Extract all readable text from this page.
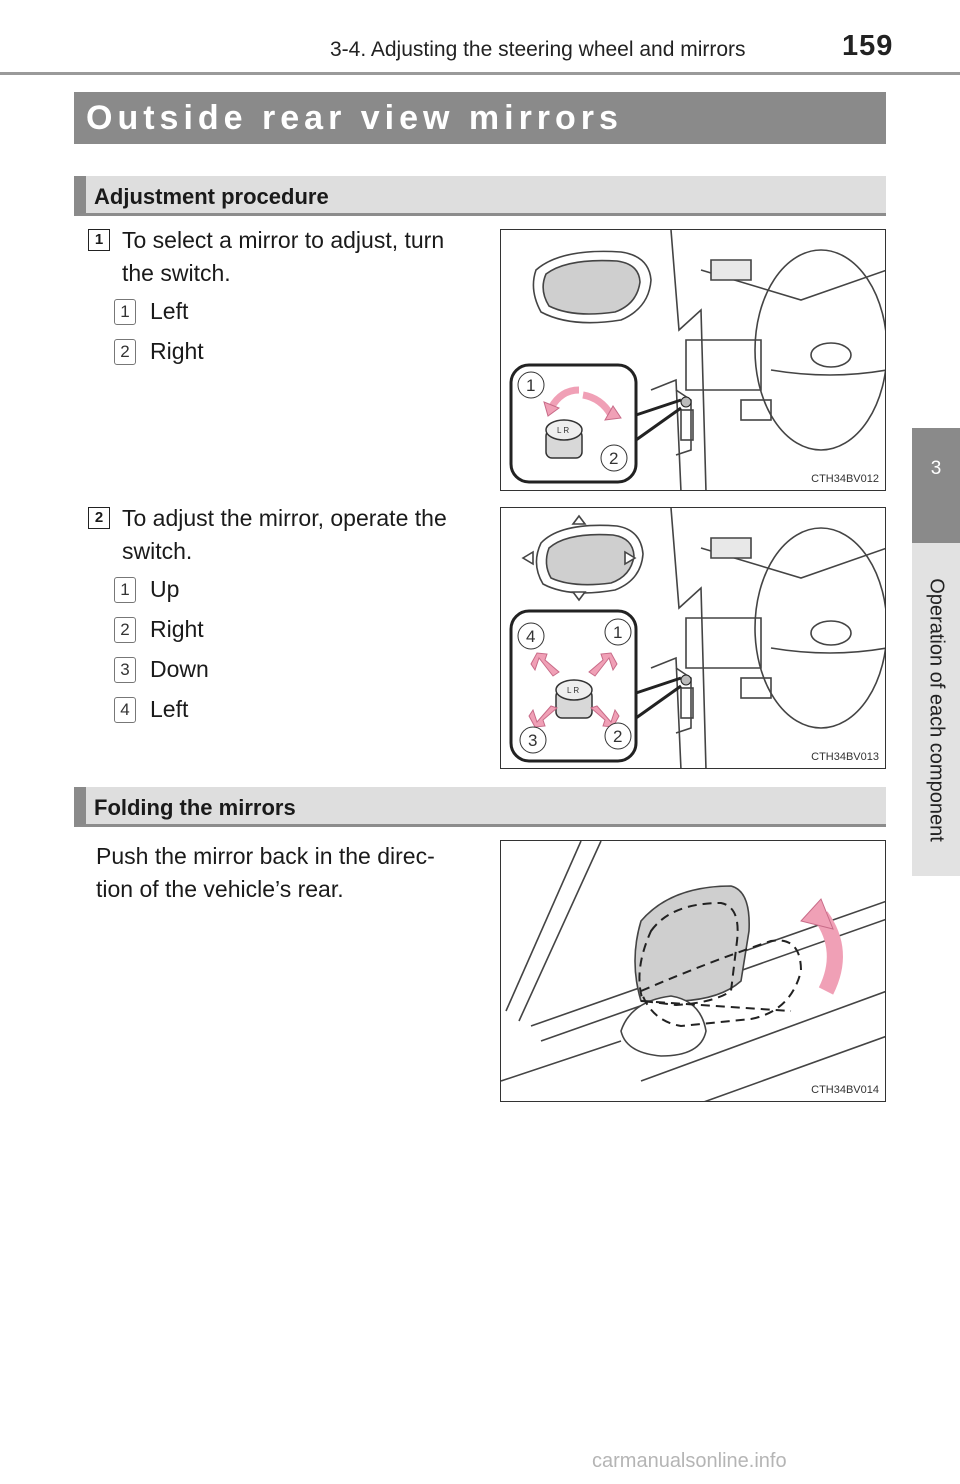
3-4. Adjusting the steering wheel and mirrors	159
3
Operation of each component
Outside rear view mirrors
Adjustment procedure
1 To select a mirror to adjust, turn
the switch.
1 Left
2 Right
L R
1
2
CTH34BV012
2 To adjust the mirror, operate the
switch.
1 Up
2 Right
3 Down
4 Left
L R
4	1
3	2
CTH34BV013
Folding the mirrors
Push the mirror back in the direc-
tion of the vehicle’s rear.
CTH34BV014
carmanualsonline.info
